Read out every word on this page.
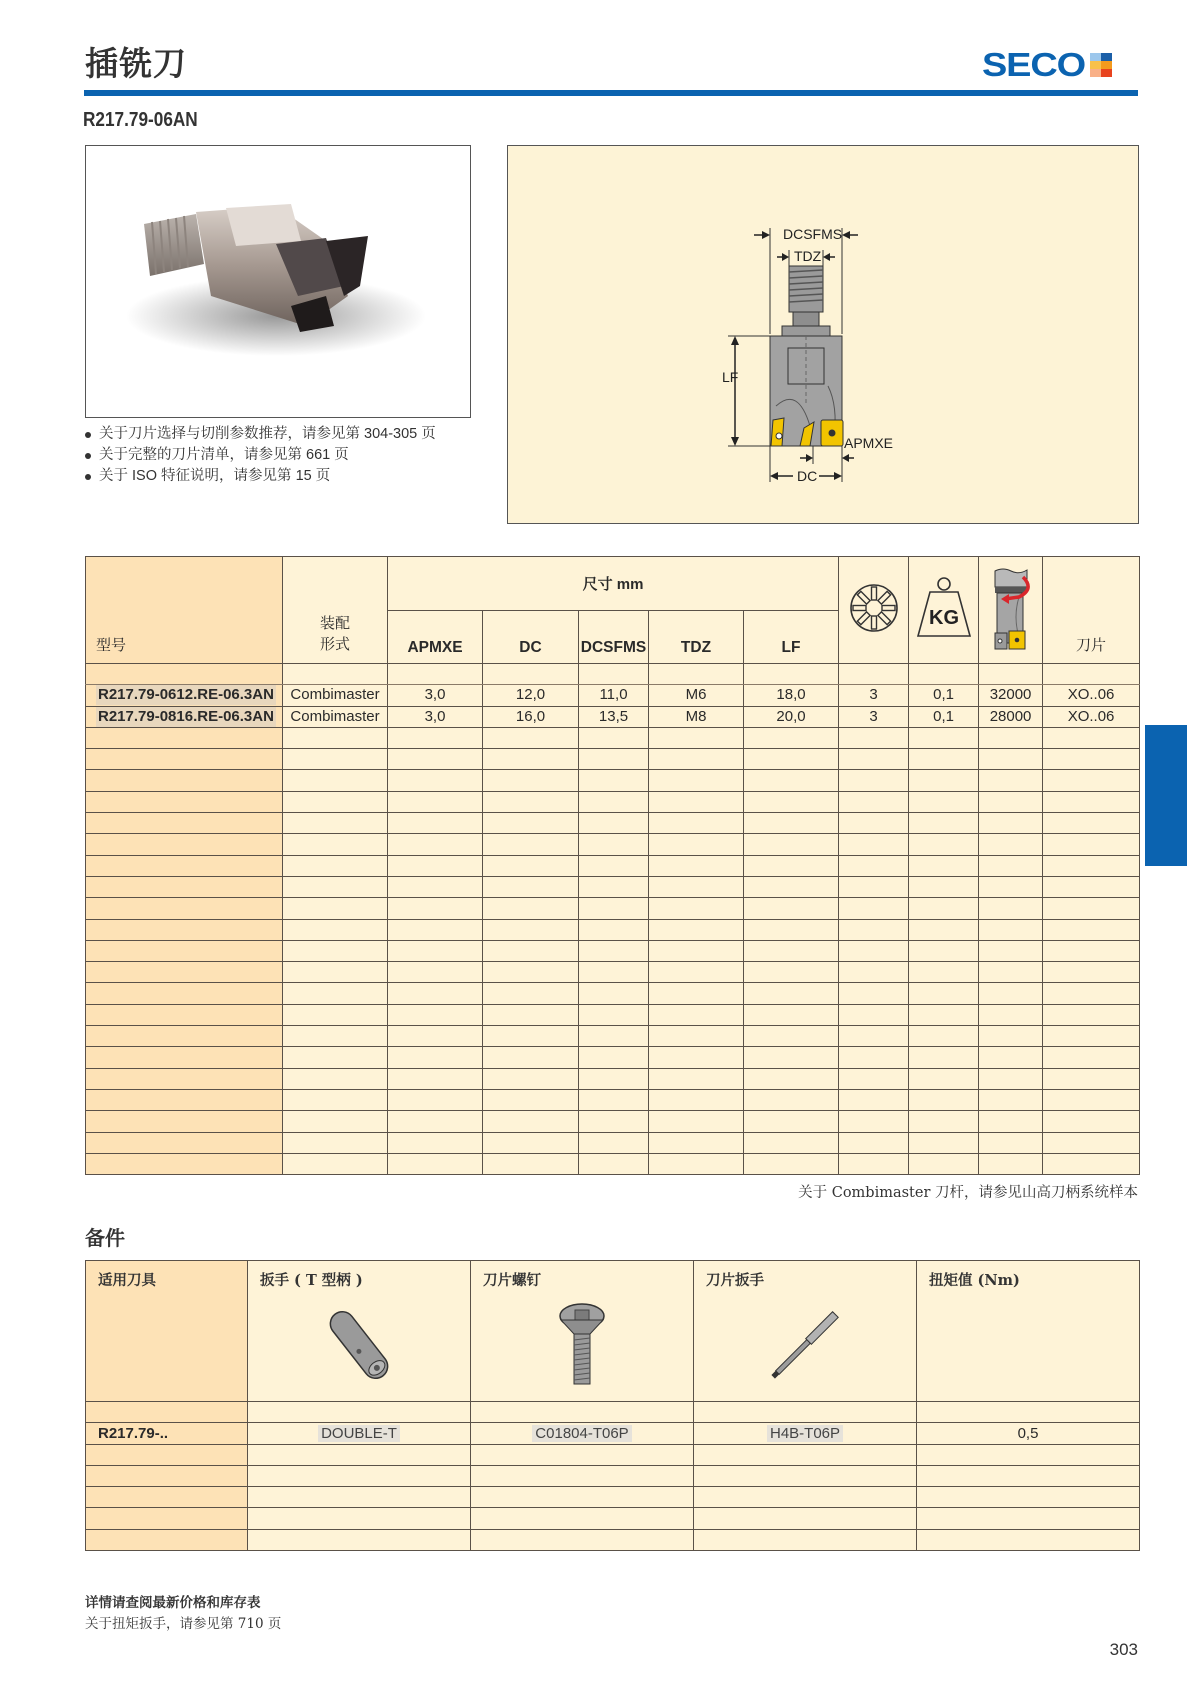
插铣刀	SECO
R217.79-06AN
关于刀片选择与切削参数推荐，请参见第 304-305 页
关于完整的刀片清单，请参见第 661 页
关于 ISO 特征说明，请参见第 15 页
DCSFMS
TDZ
LF
APMXE
DC
型号	装配
形式	尺寸 mm						KG		刀片
		APMXE	DC	DCSFMS	TDZ	LF				

R217.79-0612.RE-06.3AN	Combimaster	3,0	12,0	11,0	M6	18,0	3	0,1	32000	XO..06
R217.79-0816.RE-06.3AN	Combimaster	3,0	16,0	13,5	M8	20,0	3	0,1	28000	XO..06

关于 Combimaster 刀杆，请参见山高刀柄系统样本
备件
适用刀具	扳手 ( T 型柄 )	刀片螺钉	刀片扳手	扭矩值 (Nm)

R217.79-..	DOUBLE-T	C01804-T06P	H4B-T06P	0,5

详情请查阅最新价格和库存表
关于扭矩扳手，请参见第 710 页
303
